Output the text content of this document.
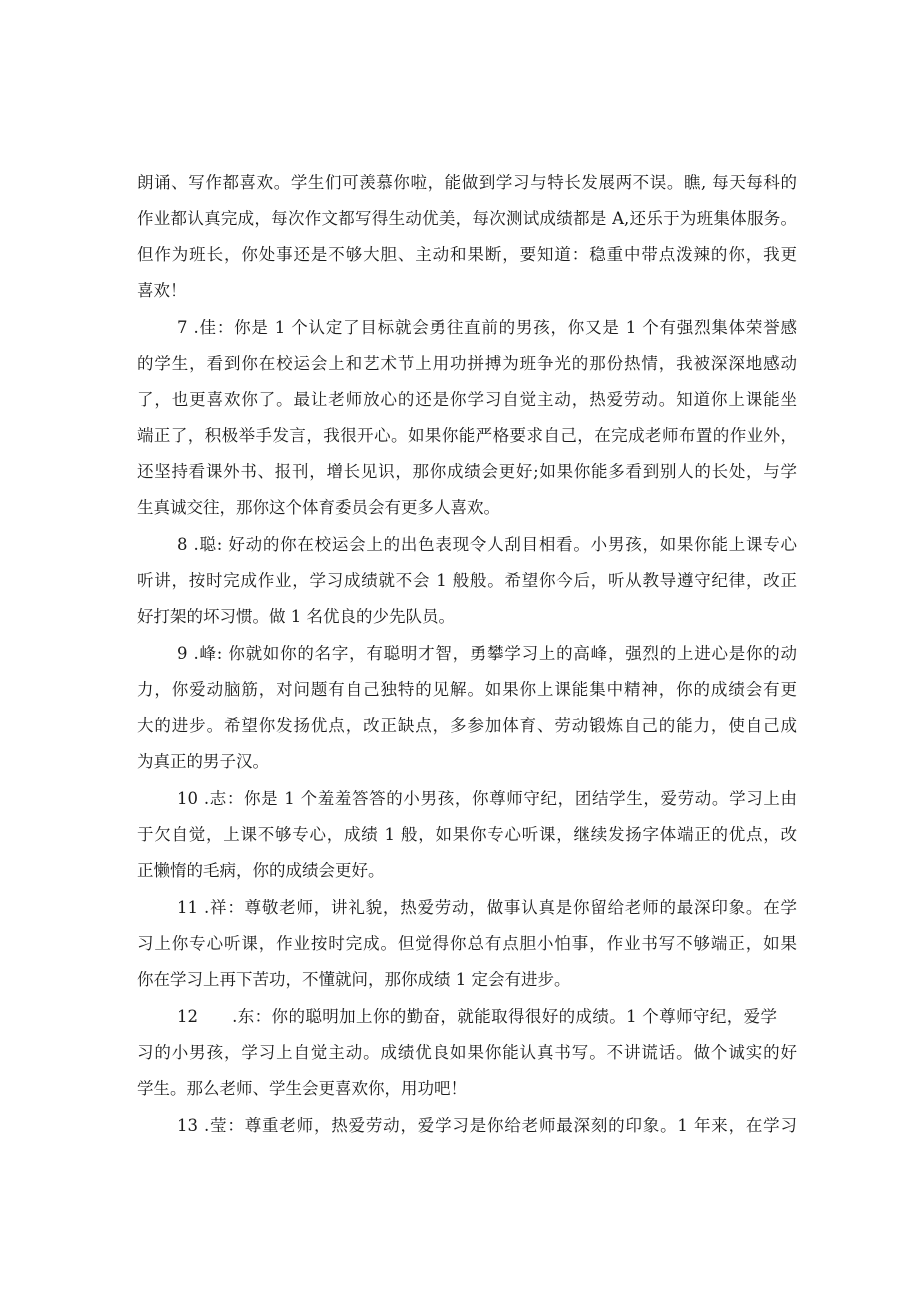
朗诵、写作都喜欢。学生们可羡慕你啦，能做到学习与特长发展两不误。瞧, 每天每科的
作业都认真完成，每次作文都写得生动优美，每次测试成绩都是 A,还乐于为班集体服务。
但作为班长，你处事还是不够大胆、主动和果断，要知道：稳重中带点泼辣的你，我更
喜欢！
7 .佳：你是 1 个认定了目标就会勇往直前的男孩，你又是 1 个有强烈集体荣誉感
的学生，看到你在校运会上和艺术节上用功拼搏为班争光的那份热情，我被深深地感动
了，也更喜欢你了。最让老师放心的还是你学习自觉主动，热爱劳动。知道你上课能坐
端正了，积极举手发言，我很开心。如果你能严格要求自己，在完成老师布置的作业外，
还坚持看课外书、报刊，增长见识，那你成绩会更好;如果你能多看到别人的长处，与学
生真诚交往，那你这个体育委员会有更多人喜欢。
8 .聪: 好动的你在校运会上的出色表现令人刮目相看。小男孩，如果你能上课专心
听讲，按时完成作业，学习成绩就不会 1 般般。希望你今后，听从教导遵守纪律，改正
好打架的坏习惯。做 1 名优良的少先队员。
9 .峰: 你就如你的名字，有聪明才智，勇攀学习上的高峰，强烈的上进心是你的动
力，你爱动脑筋，对问题有自己独特的见解。如果你上课能集中精神，你的成绩会有更
大的进步。希望你发扬优点，改正缺点，多参加体育、劳动锻炼自己的能力，使自己成
为真正的男子汉。
10 .志：你是 1 个羞羞答答的小男孩，你尊师守纪，团结学生，爱劳动。学习上由
于欠自觉，上课不够专心，成绩 1 般，如果你专心听课，继续发扬字体端正的优点，改
正懒惰的毛病，你的成绩会更好。
11 .祥：尊敬老师，讲礼貌，热爱劳动，做事认真是你留给老师的最深印象。在学
习上你专心听课，作业按时完成。但觉得你总有点胆小怕事，作业书写不够端正，如果
你在学习上再下苦功，不懂就问，那你成绩 1 定会有进步。
12　　.东：你的聪明加上你的勤奋，就能取得很好的成绩。1 个尊师守纪，爱学
习的小男孩，学习上自觉主动。成绩优良如果你能认真书写。不讲谎话。做个诚实的好
学生。那么老师、学生会更喜欢你，用功吧！
13 .莹：尊重老师，热爱劳动，爱学习是你给老师最深刻的印象。1 年来，在学习
